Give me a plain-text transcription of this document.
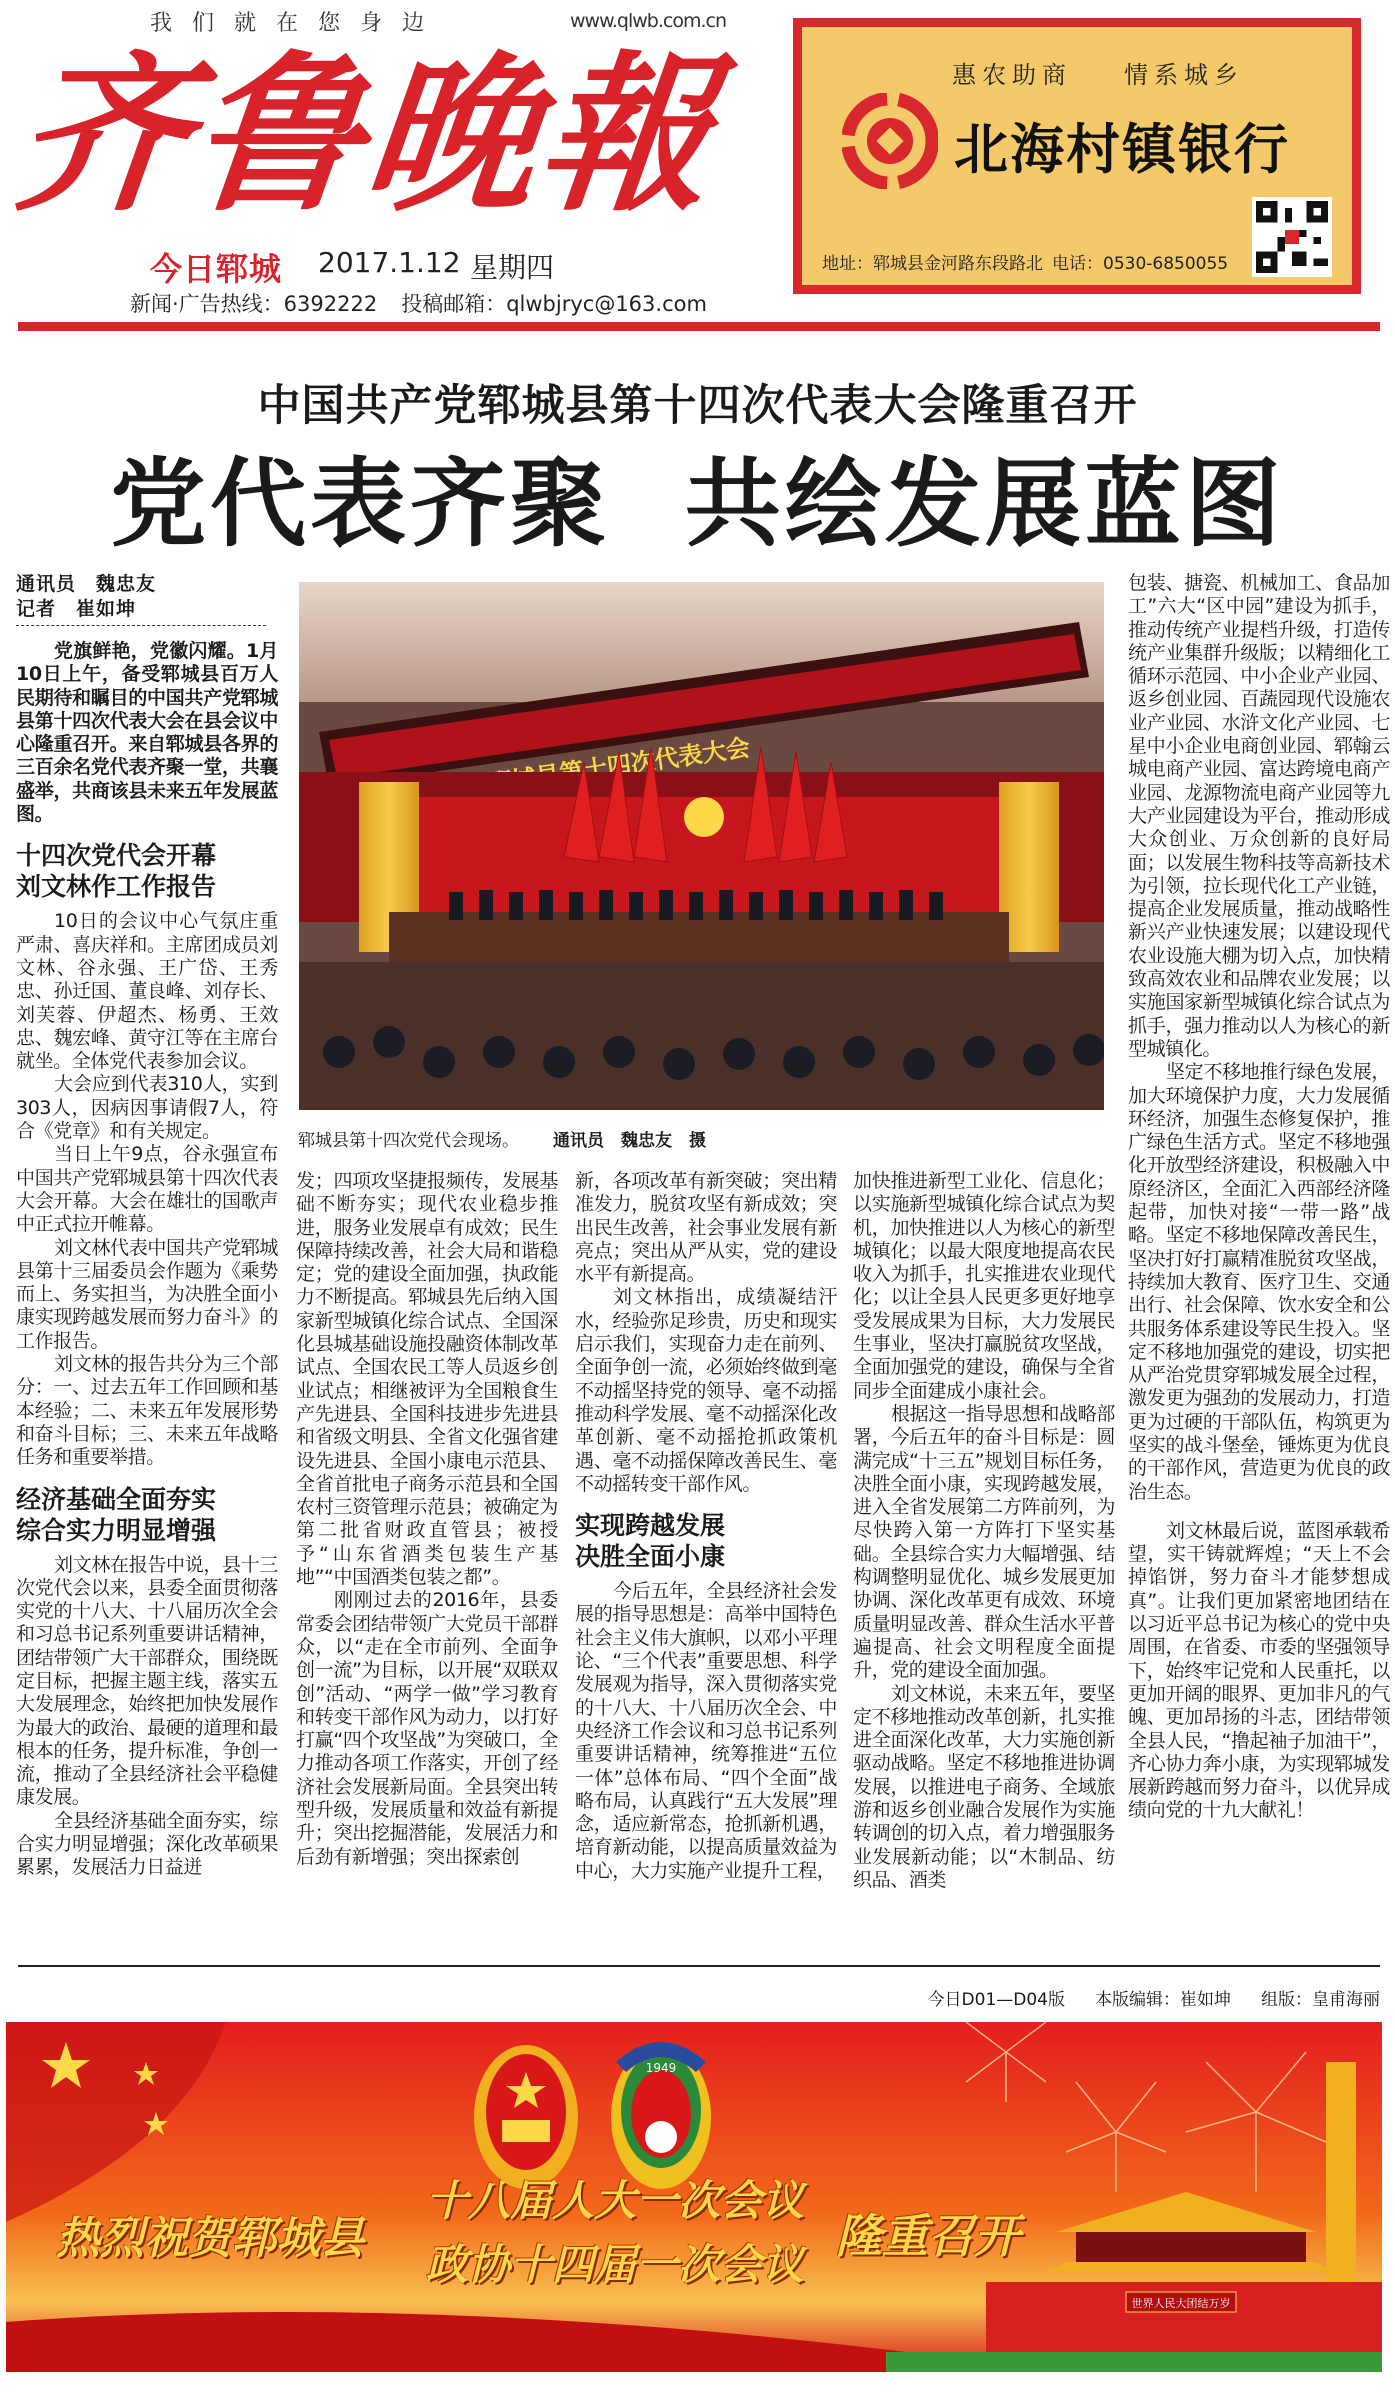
我们就在您身边	www.qlwb.com.cn
齐鲁晚報
今日郓城 2017.1.12 星期四
新闻·广告热线：6392222 投稿邮箱：qlwbjryc@163.com
惠农助商 情系城乡
北海村镇银行
地址：郓城县金河路东段路北 电话：0530-6850055
中国共产党郓城县第十四次代表大会隆重召开
党代表齐聚  共绘发展蓝图

通讯员　魏忠友

记者　崔如坤

党旗鲜艳，党徽闪耀。1月10日上午，备受郓城县百万人民期待和瞩目的中国共产党郓城县第十四次代表大会在县会议中心隆重召开。来自郓城县各界的三百余名党代表齐聚一堂，共襄盛举，共商该县未来五年发展蓝图。

十四次党代会开幕
刘文林作工作报告

10日的会议中心气氛庄重严肃、喜庆祥和。主席团成员刘文林、谷永强、王广岱、王秀忠、孙迁国、董良峰、刘存长、刘芙蓉、伊超杰、杨勇、王效忠、魏宏峰、黄守江等在主席台就坐。全体党代表参加会议。

大会应到代表310人，实到303人，因病因事请假7人，符合《党章》和有关规定。

当日上午9点，谷永强宣布中国共产党郓城县第十四次代表大会开幕。大会在雄壮的国歌声中正式拉开帷幕。

刘文林代表中国共产党郓城县第十三届委员会作题为《乘势而上、务实担当，为决胜全面小康实现跨越发展而努力奋斗》的工作报告。

刘文林的报告共分为三个部分：一、过去五年工作回顾和基本经验；二、未来五年发展形势和奋斗目标；三、未来五年战略任务和重要举措。

经济基础全面夯实
综合实力明显增强

刘文林在报告中说，县十三次党代会以来，县委全面贯彻落实党的十八大、十八届历次全会和习总书记系列重要讲话精神，团结带领广大干部群众，围绕既定目标，把握主题主线，落实五大发展理念，始终把加快发展作为最大的政治、最硬的道理和最根本的任务，提升标准，争创一流，推动了全县经济社会平稳健康发展。

全县经济基础全面夯实，综合实力明显增强；深化改革硕果累累，发展活力日益迸

郓城县第十四次党代会现场。 通讯员　魏忠友　摄

发；四项攻坚捷报频传，发展基础不断夯实；现代农业稳步推进，服务业发展卓有成效；民生保障持续改善，社会大局和谐稳定；党的建设全面加强，执政能力不断提高。郓城县先后纳入国家新型城镇化综合试点、全国深化县城基础设施投融资体制改革试点、全国农民工等人员返乡创业试点；相继被评为全国粮食生产先进县、全国科技进步先进县和省级文明县、全省文化强省建设先进县、全国小康电示范县、全省首批电子商务示范县和全国农村三资管理示范县；被确定为第二批省财政直管县；被授予“山东省酒类包装生产基地”“中国酒类包装之都”。

刚刚过去的2016年，县委常委会团结带领广大党员干部群众，以“走在全市前列、全面争创一流”为目标，以开展“双联双创”活动、“两学一做”学习教育和转变干部作风为动力，以打好打赢“四个攻坚战”为突破口，全力推动各项工作落实，开创了经济社会发展新局面。全县突出转型升级，发展质量和效益有新提升；突出挖掘潜能，发展活力和后劲有新增强；突出探索创

新，各项改革有新突破；突出精准发力，脱贫攻坚有新成效；突出民生改善，社会事业发展有新亮点；突出从严从实，党的建设水平有新提高。

刘文林指出，成绩凝结汗水，经验弥足珍贵，历史和现实启示我们，实现奋力走在前列、全面争创一流，必须始终做到毫不动摇坚持党的领导、毫不动摇推动科学发展、毫不动摇深化改革创新、毫不动摇抢抓政策机遇、毫不动摇保障改善民生、毫不动摇转变干部作风。

实现跨越发展
决胜全面小康

今后五年，全县经济社会发展的指导思想是：高举中国特色社会主义伟大旗帜，以邓小平理论、“三个代表”重要思想、科学发展观为指导，深入贯彻落实党的十八大、十八届历次全会、中央经济工作会议和习总书记系列重要讲话精神，统筹推进“五位一体”总体布局、“四个全面”战略布局，认真践行“五大发展”理念，适应新常态，抢抓新机遇，培育新动能，以提高质量效益为中心，大力实施产业提升工程，

加快推进新型工业化、信息化；以实施新型城镇化综合试点为契机，加快推进以人为核心的新型城镇化；以最大限度地提高农民收入为抓手，扎实推进农业现代化；以让全县人民更多更好地享受发展成果为目标，大力发展民生事业，坚决打赢脱贫攻坚战，全面加强党的建设，确保与全省同步全面建成小康社会。

根据这一指导思想和战略部署，今后五年的奋斗目标是：圆满完成“十三五”规划目标任务，决胜全面小康，实现跨越发展，进入全省发展第二方阵前列，为尽快跨入第一方阵打下坚实基础。全县综合实力大幅增强、结构调整明显优化、城乡发展更加协调、深化改革更有成效、环境质量明显改善、群众生活水平普遍提高、社会文明程度全面提升，党的建设全面加强。

刘文林说，未来五年，要坚定不移地推动改革创新，扎实推进全面深化改革，大力实施创新驱动战略。坚定不移地推进协调发展，以推进电子商务、全域旅游和返乡创业融合发展作为实施转调创的切入点，着力增强服务业发展新动能；以“木制品、纺织品、酒类

包装、搪瓷、机械加工、食品加工”六大“区中园”建设为抓手，推动传统产业提档升级，打造传统产业集群升级版；以精细化工循环示范园、中小企业产业园、返乡创业园、百蔬园现代设施农业产业园、水浒文化产业园、七星中小企业电商创业园、郓翰云城电商产业园、富达跨境电商产业园、龙源物流电商产业园等九大产业园建设为平台，推动形成大众创业、万众创新的良好局面；以发展生物科技等高新技术为引领，拉长现代化工产业链，提高企业发展质量，推动战略性新兴产业快速发展；以建设现代农业设施大棚为切入点，加快精致高效农业和品牌农业发展；以实施国家新型城镇化综合试点为抓手，强力推动以人为核心的新型城镇化。

坚定不移地推行绿色发展，加大环境保护力度，大力发展循环经济，加强生态修复保护，推广绿色生活方式。坚定不移地强化开放型经济建设，积极融入中原经济区，全面汇入西部经济隆起带，加快对接“一带一路”战略。坚定不移地保障改善民生，坚决打好打赢精准脱贫攻坚战，持续加大教育、医疗卫生、交通出行、社会保障、饮水安全和公共服务体系建设等民生投入。坚定不移地加强党的建设，切实把从严治党贯穿郓城发展全过程，激发更为强劲的发展动力，打造更为过硬的干部队伍，构筑更为坚实的战斗堡垒，锤炼更为优良的干部作风，营造更为优良的政治生态。

刘文林最后说，蓝图承载希望，实干铸就辉煌；“天上不会掉馅饼，努力奋斗才能梦想成真”。让我们更加紧密地团结在以习近平总书记为核心的党中央周围，在省委、市委的坚强领导下，始终牢记党和人民重托，以更加开阔的眼界、更加非凡的气魄、更加昂扬的斗志，团结带领全县人民，“撸起袖子加油干”，齐心协力奔小康，为实现郓城发展新跨越而努力奋斗，以优异成绩向党的十九大献礼！

今日D01—D04版 本版编辑：崔如坤 组版：皇甫海丽
1949
世界人民大团结万岁
热烈祝贺郓城县
十八届人大一次会议
政协十四届一次会议
隆重召开
